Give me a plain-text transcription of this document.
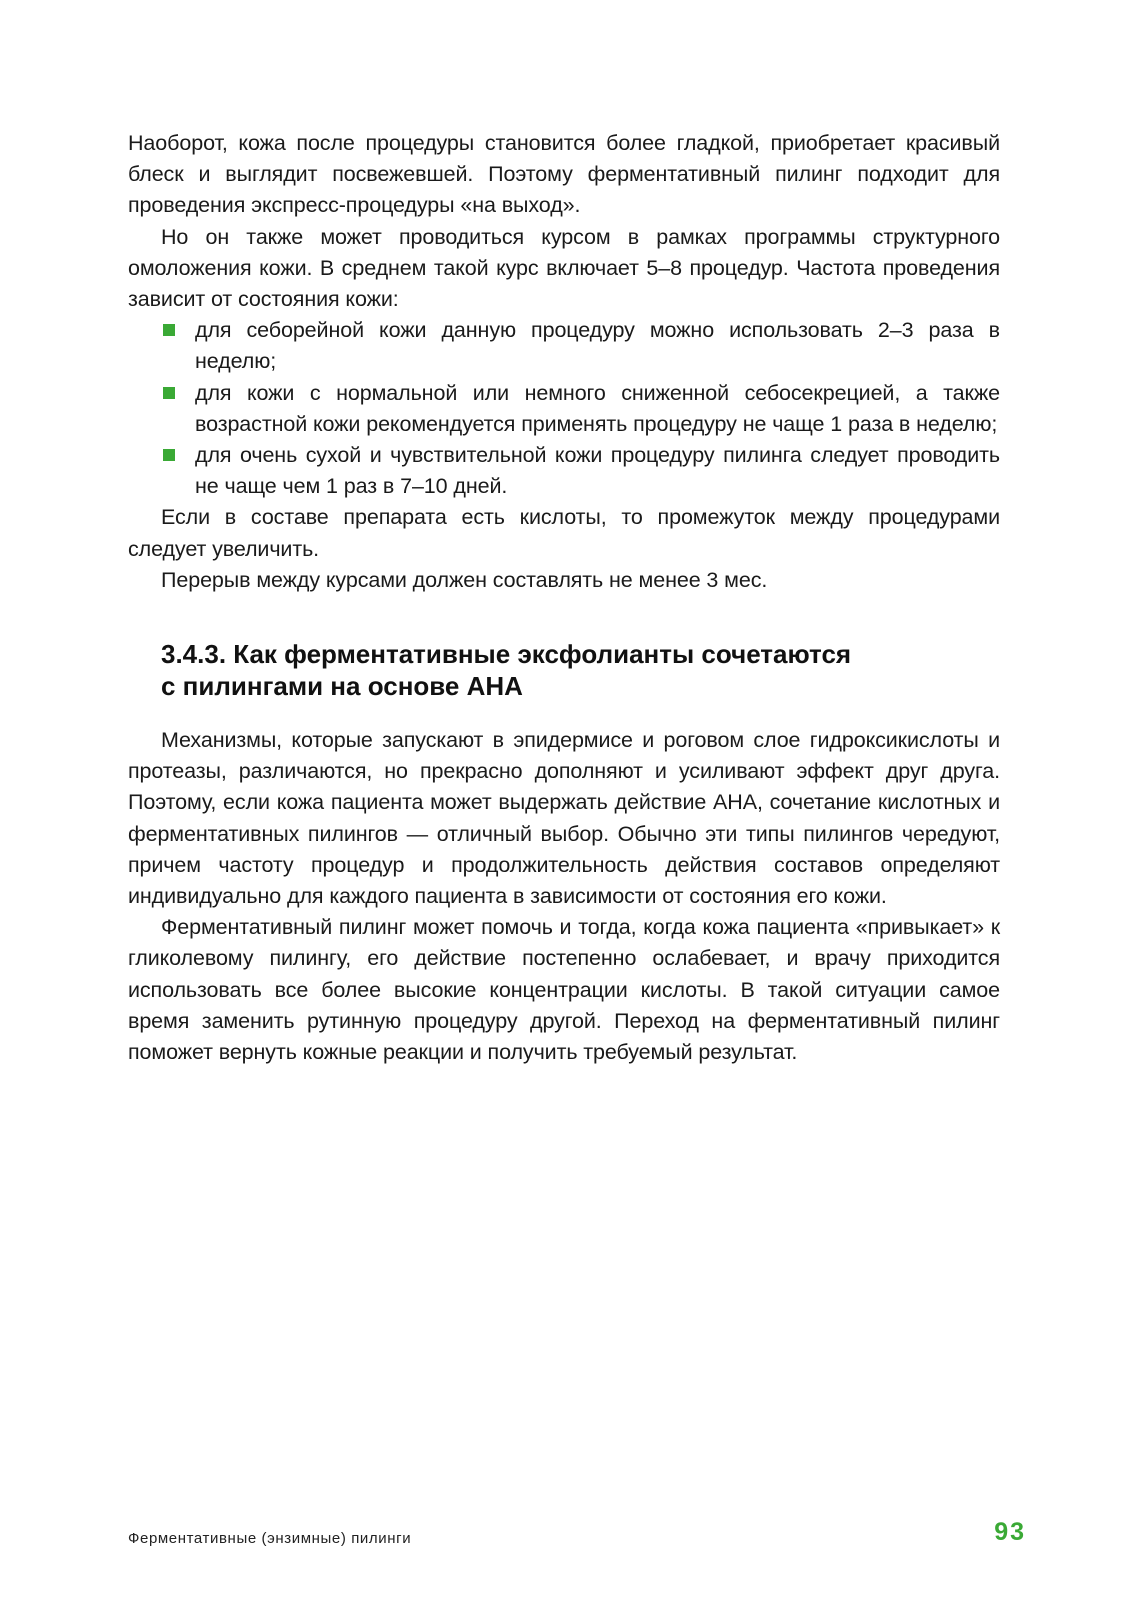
Наоборот, кожа после процедуры становится более гладкой, приобретает красивый блеск и выглядит посвежевшей. Поэтому ферментативный пилинг подходит для проведения экспресс-процедуры «на выход».

Но он также может проводиться курсом в рамках программы структурного омоложения кожи. В среднем такой курс включает 5–8 процедур. Частота проведения зависит от состояния кожи:

для себорейной кожи данную процедуру можно использовать 2–3 раза в неделю;
для кожи с нормальной или немного сниженной себосекрецией, а также возрастной кожи рекомендуется применять процедуру не чаще 1 раза в неделю;
для очень сухой и чувствительной кожи процедуру пилинга следует проводить не чаще чем 1 раз в 7–10 дней.

Если в составе препарата есть кислоты, то промежуток между процедурами следует увеличить.

Перерыв между курсами должен составлять не менее 3 мес.

3.4.3. Как ферментативные эксфолианты сочетаются
с пилингами на основе АНА

Механизмы, которые запускают в эпидермисе и роговом слое гидроксикислоты и протеазы, различаются, но прекрасно дополняют и усиливают эффект друг друга. Поэтому, если кожа пациента может выдержать действие АНА, сочетание кислотных и ферментативных пилингов — отличный выбор. Обычно эти типы пилингов чередуют, причем частоту процедур и продолжительность действия составов определяют индивидуально для каждого пациента в зависимости от состояния его кожи.

Ферментативный пилинг может помочь и тогда, когда кожа пациента «привыкает» к гликолевому пилингу, его действие постепенно ослабевает, и врачу приходится использовать все более высокие концентрации кислоты. В такой ситуации самое время заменить рутинную процедуру другой. Переход на ферментативный пилинг поможет вернуть кожные реакции и получить требуемый результат.

Ферментативные (энзимные) пилинги	93
